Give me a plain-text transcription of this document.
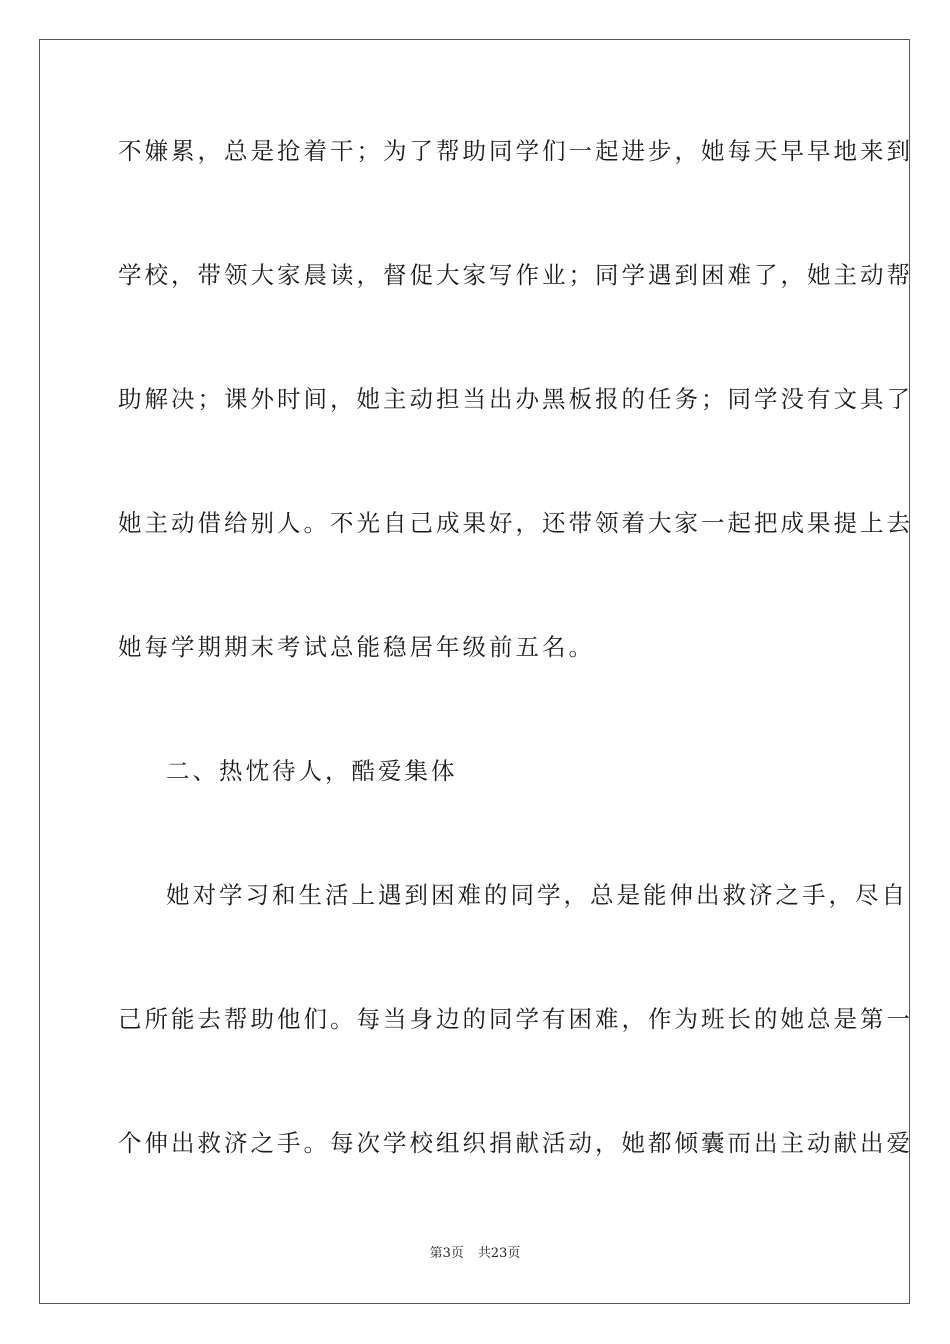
不嫌累，总是抢着干；为了帮助同学们一起进步，她每天早早地来到

学校，带领大家晨读，督促大家写作业；同学遇到困难了，她主动帮

助解决；课外时间，她主动担当出办黑板报的任务；同学没有文具了

她主动借给别人。不光自己成果好，还带领着大家一起把成果提上去

她每学期期末考试总能稳居年级前五名。

二、热忱待人，酷爱集体

她对学习和生活上遇到困难的同学，总是能伸出救济之手，尽自

己所能去帮助他们。每当身边的同学有困难，作为班长的她总是第一

个伸出救济之手。每次学校组织捐献活动，她都倾囊而出主动献出爱

第3页 共23页
